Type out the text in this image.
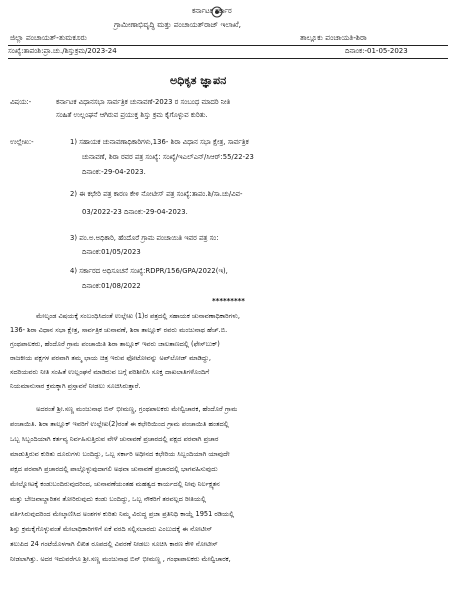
ಕರ್ನಾಟಕ ಸರ್ಕಾರ
ಗ್ರಾಮೀಣಾಭಿವೃದ್ಧಿ ಮತ್ತು ಪಂಚಾಯತ್‌ರಾಜ್ ಇಲಾಖೆ,
ಜಿಲ್ಲಾ ಪಂಚಾಯತ್-ತುಮಕೂರು	ತಾಲ್ಲೂಕು ಪಂಚಾಯತಿ-ಶಿರಾ
ಸಂಖ್ಯೆ:ತಾಪಂಶಿ:ಪ್ರಾ.ಚು./ಶಿಸ್ತುಕ್ರಮ/2023-24	ದಿನಾಂಕ:-01-05-2023
ಅಧಿಕೃತ ಜ್ಞಾಪನ
ವಿಷಯ:-	ಕರ್ನಾಟಕ ವಿಧಾನಸಭಾ ಸಾರ್ವತ್ರಿಕ ಚುನಾವಣೆ-2023 ರ ಸಂಬಂಧ ಮಾದರಿ ನೀತಿ
ಸಂಹಿತೆ ಉಲ್ಲಂಘನೆ ಆಗಿರುವ ಪ್ರಯುಕ್ತ ಶಿಸ್ತು ಕ್ರಮ ಕೈಗೊಳ್ಳುವ ಕುರಿತು.
ಉಲ್ಲೇಖ:-	1) ಸಹಾಯಕ ಚುನಾವಣಾಧಿಕಾರಿಗಳು,136- ಶಿರಾ ವಿಧಾನ ಸಭಾ ಕ್ಷೇತ್ರ, ಸಾರ್ವತ್ರಿಕ
ಚುನಾವಣೆ, ಶಿರಾ ರವರ ಪತ್ರ ಸಂಖ್ಯೆ: ಸಂಖ್ಯೆ/ಇಎಲ್‌ಎನ್/ಸಿಆರ್:55/22-23
ದಿನಾಂಕ:-29-04-2023.
2) ಈ ಕಛೇರಿ ಪತ್ರ ಕಾರಣ ಕೇಳಿ ನೋಟೀಸ್ ಪತ್ರ ಸಂಖ್ಯೆ:ತಾಪಂ.ಶಿ/ಸಾ.ಚು/ವಿವ-
03/2022-23 ದಿನಾಂಕ:-29-04-2023.
3) ಪಂ.ಅ.ಅಧಿಕಾರಿ, ಹೆಂದೊರೆ ಗ್ರಾಮ ಪಂಚಾಯಿತಿ ಇವರ ಪತ್ರ ಸಂ:
ದಿನಾಂಕ:01/05/2023
4) ಸರ್ಕಾರದ ಅಧಿಸೂಚನೆ ಸಂಖ್ಯೆ:RDPR/156/GPA/2022(ಇ),
ದಿನಾಂಕ:01/08/2022
*********
ಮೇಲ್ಕಂಡ ವಿಷಯಕ್ಕೆ ಸಂಬಂಧಿಸಿದಂತೆ ಉಲ್ಲೇಖ (1)ರ ಪತ್ರದಲ್ಲಿ ಸಹಾಯಕ ಚುನಾವಣಾಧಿಕಾರಿಗಳು,
136- ಶಿರಾ ವಿಧಾನ ಸಭಾ ಕ್ಷೇತ್ರ, ಸಾರ್ವತ್ರಿಕ ಚುನಾವಣೆ, ಶಿರಾ ತಾಲ್ಲೂಕ್ ರವರು ಮಂಜುನಾಥ ಹೆಚ್.ಬಿ.
ಗ್ರಂಥಪಾಲಕರು, ಹೆಂದೊರೆ ಗ್ರಾಮ ಪಂಚಾಯಿತಿ ಶಿರಾ ತಾಲ್ಲೂಕ್ ಇವರು ಜಾಲತಾಣದಲ್ಲಿ (ಫೇಸ್‌ಬುಕ್)
ರಾಜಕೀಯ ಪಕ್ಷಗಳ ಪರವಾಗಿ ತಮ್ಮ ಛಾಯ ಚಿತ್ರ ಇರುವ ಫೋಟೋವನ್ನು ಅಪ್‌ಲೋಡ್ ಮಾಡಿದ್ದು,
ಸದರಿಯವರು ನೀತಿ ಸಂಹಿತೆ ಉಲ್ಲಂಘನೆ ಮಾಡಿರುವ ಬಗ್ಗೆ ಪರಿಶೀಲಿಸಿ ಸೂಕ್ತ ದಾಖಲಾತಿಗಳೊಂದಿಗೆ
ನಿಯಮಾನುಸಾರ ಕ್ರಮಕ್ಕಾಗಿ ಪ್ರಸ್ತಾವನೆ ನೀಡಲು ಸೂಚಿಸಿರುತ್ತಾರೆ.
ಅದರಂತೆ ಶ್ರೀ.ಸಣ್ಣ ಮಂಜುನಾಥ ಬಿನ್ ಭೀಮಣ್ಣ, ಗ್ರಂಥಪಾಲಕರು ಮೇಲ್ವಿಚಾರಕ, ಹೆಂದೊರೆ ಗ್ರಾಮ
ಪಂಚಾಯಿತಿ. ಶಿರಾ ತಾಲ್ಲೂಕ್ ಇವರಿಗೆ ಉಲ್ಲೇಖ(2)ರಂತೆ ಈ ಕಛೇರಿಯಿಂದ ಗ್ರಾಮ ಪಂಚಾಯಿತಿ ಹಂತದಲ್ಲಿ
ಒಬ್ಬ ಸಿಬ್ಬಂದಿಯಾಗಿ ಕರ್ತವ್ಯ ನಿರ್ವಹಿಸುತ್ತಿರುವ ವೇಳೆ ಚುನಾವಣೆ ಪ್ರಚಾರದಲ್ಲಿ ಪಕ್ಷದ ಪರವಾಗಿ ಪ್ರಚಾರ
ಮಾಡುತ್ತಿರುವ ಕುರಿತು ದೂರುಗಳು ಬಂದಿದ್ದು, ಒಬ್ಬ ಸರ್ಕಾರಿ ಅಧೀನದ ಕಛೇರಿಯ ಸಿಬ್ಬಂದಿಯಾಗಿ ಯಾವುದೇ
ಪಕ್ಷದ ಪರವಾಗಿ ಪ್ರಚಾರದಲ್ಲಿ ಪಾಲ್ಗೊಳ್ಳುವುದಾಗಲಿ ಅಥವಾ ಚುನಾವಣೆ ಪ್ರಚಾರದಲ್ಲಿ ಭಾಗವಹಿಸುವುದು
ಮೇಲ್ನೋಟಕ್ಕೆ ಕಂಡುಬಂದಿರುವುದರಿಂದ, ಚುನಾವಣೆಯಂತಹ ಮಹತ್ವದ ಕಾರ್ಯದಲ್ಲಿ ನೀವು ನಿರ್ಲಕ್ಷ್ಯತನ
ಮತ್ತು ಬೇಜವಾಬ್ದಾರಿತನ ತೋರಿರುವುದು ಕಂಡು ಬಂದಿದ್ದು, ಒಬ್ಬ ನೌಕರಿಗೆ ತರವಲ್ಲದ ರೀತಿಯಲ್ಲಿ
ವರ್ತಿಸಿರುವುದರಿಂದ ಮೇಲ್ಕಾಣಿಸಿದ ಅಂಶಗಳ ಕುರಿತು ನಿಮ್ಮ ವಿರುದ್ಧ ಪ್ರಜಾ ಪ್ರತಿನಿಧಿ ಕಾಯ್ದೆ 1951 ರಡಿಯಲ್ಲಿ
ಶಿಸ್ತು ಕ್ರಮಕೈಗೊಳ್ಳುವಂತೆ ಮೇಲಾಧಿಕಾರಿಗಳಿಗೆ ಏಕೆ ವರದಿ ಸಲ್ಲಿಸಬಾರದು ಎಂಬುದಕ್ಕೆ ಈ ನೋಟೀಸ್
ತಲುಪಿದ 24 ಗಂಟೆಯೊಳಗಾಗಿ ಲಿಖಿತ ರೂಪದಲ್ಲಿ ವಿವರಣೆ ನೀಡಲು ಸೂಚಿಸಿ ಕಾರಣ ಕೇಳಿ ನೋಟೀಸ್
ನೀಡಲಾಗಿತ್ತು. ಅದರ ಇದುವರೆಗೂ ಶ್ರೀ.ಸಣ್ಣ ಮಂಜುನಾಥ ಬಿನ್ ಭೀಮಣ್ಣ , ಗಂಥಾಪಾಲಕರು ಮೇಲ್ವಿಚಾರಕ,
